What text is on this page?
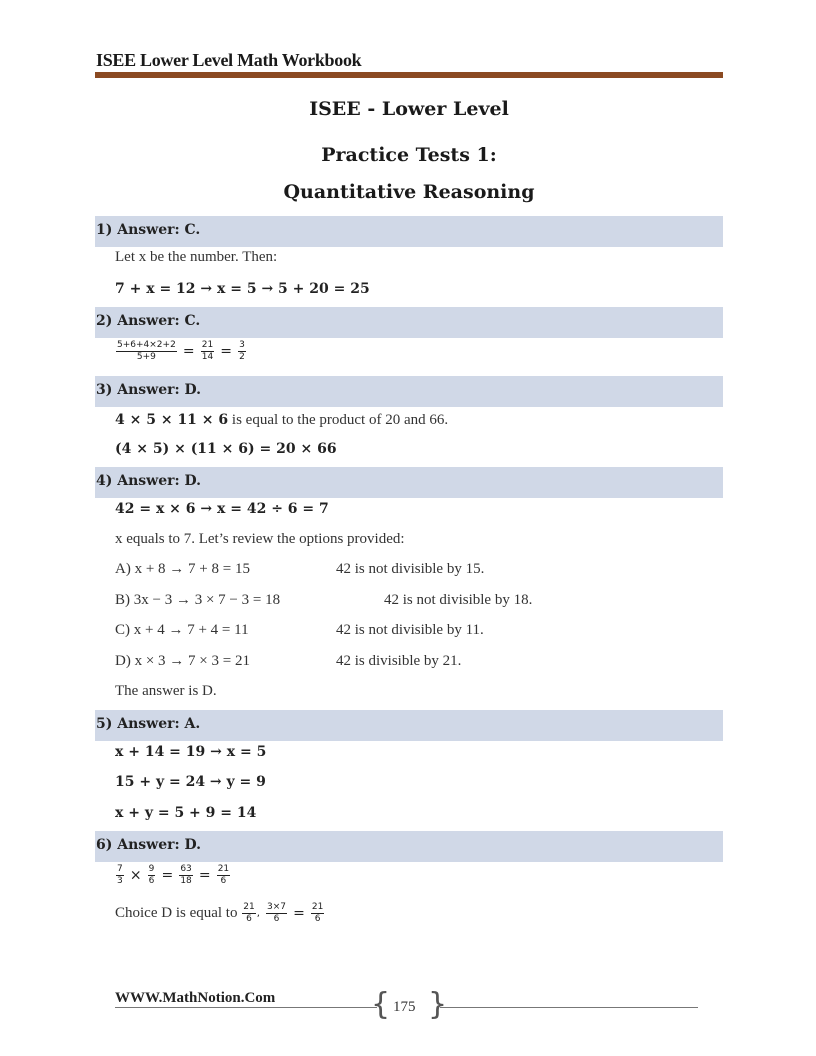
ISEE Lower Level Math Workbook
ISEE - Lower Level
Practice Tests 1:
Quantitative Reasoning
1) Answer: C.
Let x be the number. Then:
7 + x = 12 → x = 5 → 5 + 20 = 25
2) Answer: C.
$\frac{5+6+4\times 2+2}{5+9} = \frac{21}{14} = \frac{3}{2}$
3) Answer: D.
4 × 5 × 11 × 6 is equal to the product of 20 and 66.
(4 × 5) × (11 × 6) = 20 × 66
4) Answer: D.
42 = x × 6 → x = 42 ÷ 6 = 7
x equals to 7. Let’s review the options provided:
A) x + 8 → 7 + 8 = 15	42 is not divisible by 15.
B) 3x − 3 → 3 × 7 − 3 = 18	42 is not divisible by 18.
C) x + 4 → 7 + 4 = 11	42 is not divisible by 11.
D) x × 3 → 7 × 3 = 21	42 is divisible by 21.
The answer is D.
5) Answer: A.
x + 14 = 19 → x = 5
15 + y = 24 → y = 9
x + y = 5 + 9 = 14
6) Answer: D.
$\frac{7}{3} \times \frac{9}{6} = \frac{63}{18} = \frac{21}{6}$
Choice D is equal to $\frac{21}{6}$ , $\frac{3\times 7}{6} = \frac{21}{6}$
WWW.MathNotion.Com	{ 175 }
